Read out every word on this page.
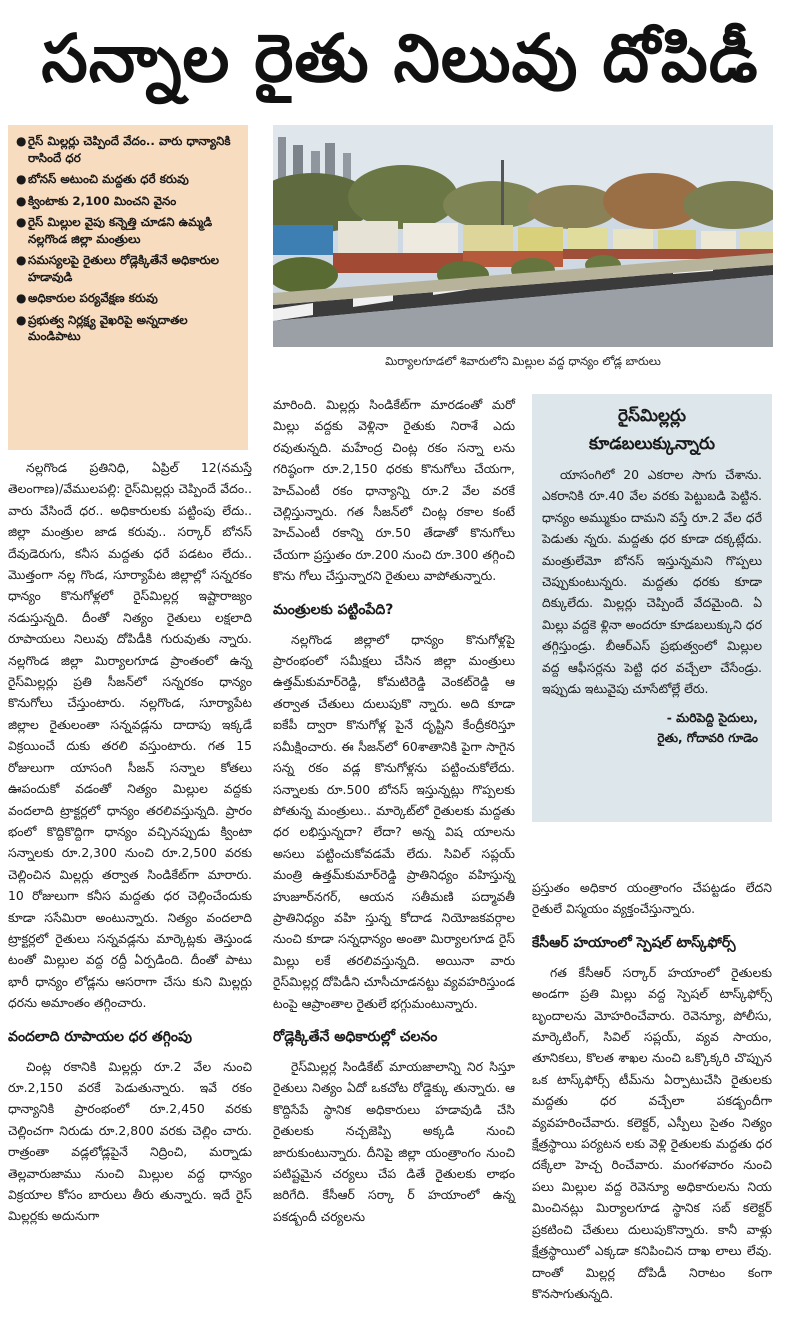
సన్నాల రైతు నిలువు దోపిడీ
● రైస్ మిల్లర్లు చెప్పిందే వేదం.. వారు ధాన్యానికి రాసిందే ధర
● బోనస్ అటుంచి మద్దతు ధరే కరువు
● క్వింటాకు 2,100 మించని వైనం
● రైస్ మిల్లుల వైపు కన్నెత్తి చూడని ఉమ్మడి నల్లగొండ జిల్లా మంత్రులు
● సమస్యలపై రైతులు రోడ్లెక్కితేనే అధికారుల హడావుడి
● అధికారుల పర్యవేక్షణ కరువు
● ప్రభుత్వ నిర్లక్ష్య వైఖరిపై అన్నదాతల మండిపాటు
మిర్యాలగూడలో శివారులోని మిల్లుల వద్ద ధాన్యం లోడ్ల బారులు

నల్లగొండ ప్రతినిధి, ఏప్రిల్ 12(నమస్తే తెలంగాణ)/వేములపల్లి: రైస్‌మిల్లర్లు చెప్పిందే వేదం.. వారు వేసిందే ధర.. అధికారులకు పట్టింపు లేదు.. జిల్లా మంత్రుల జాడ కరువు.. సర్కార్ బోనస్ దేవుడెరుగు, కనీస మద్దతు ధరే పడటం లేదు.. మొత్తంగా నల్ల గొండ, సూర్యాపేట జిల్లాల్లో సన్నరకం ధాన్యం కొనుగోళ్లలో రైస్‌మిల్లర్ల ఇష్టారాజ్యం నడుస్తున్నది. దీంతో నిత్యం రైతులు లక్షలాది రూపాయలు నిలువు దోపిడీకి గురువుతు న్నారు. నల్లగొండ జిల్లా మిర్యాలగూడ ప్రాంతంలో ఉన్న రైస్‌మిల్లర్లు ప్రతి సీజన్‌లో సన్నరకం ధాన్యం కొనుగోలు చేస్తుంటారు. నల్లగొండ, సూర్యాపేట జిల్లాల రైతులంతా సన్నవడ్లను దాదాపు ఇక్కడే విక్రయించే దుకు తరలి వస్తుంటారు. గత 15 రోజులుగా యాసంగి సీజన్ సన్నాల కోతలు ఊపందుకో వడంతో నిత్యం మిల్లుల వద్దకు వందలాది ట్రాక్టర్లలో ధాన్యం తరలివస్తున్నది. ప్రారం భంలో కొద్దికొద్దిగా ధాన్యం వచ్చినప్పుడు క్వింటా సన్నాలకు రూ.2,300 నుంచి రూ.2,500 వరకు చెల్లించిన మిల్లర్లు తర్వాత సిండికేట్‌గా మారారు. 10 రోజులుగా కనీస మద్దతు ధర చెల్లించేందుకు కూడా ససేమిరా అంటున్నారు. నిత్యం వందలాది ట్రాక్టర్లలో రైతులు సన్నవడ్లను మార్కెట్లకు తెస్తుండ టంతో మిల్లుల వద్ద రద్దీ ఏర్పడింది. దీంతో పాటు భారీ ధాన్యం లోడ్లను ఆసరాగా చేసు కుని మిల్లర్లు ధరను అమాంతం తగ్గించారు.

వందలాది రూపాయల ధర తగ్గింపు

చింట్ల రకానికి మిల్లర్లు రూ.2 వేల నుంచి రూ.2,150 వరకే పెడుతున్నారు. ఇవే రకం ధాన్యానికి ప్రారంభంలో రూ.2,450 వరకు చెల్లించగా నిరుడు రూ.2,800 వరకు చెల్లిం చారు. రాత్రంతా వడ్లలోడ్లపైనే నిద్రించి, మర్నాడు తెల్లవారుజాము నుంచి మిల్లుల వద్ద ధాన్యం విక్రయాల కోసం బారులు తీరు తున్నారు. ఇదే రైస్ మిల్లర్లకు అదునుగా

మారింది. మిల్లర్లు సిండికేట్‌గా మారడంతో మరో మిల్లు వద్దకు వెళ్లినా రైతుకు నిరాశే ఎదు రవుతున్నది. మహేంద్ర చింట్ల రకం సన్నా లను గరిష్ఠంగా రూ.2,150 ధరకు కొనుగోలు చేయగా, హెచ్‌ఎంటీ రకం ధాన్యాన్ని రూ.2 వేల వరకే చెల్లిస్తున్నారు. గత సీజన్‌లో చింట్ల రకాల కంటే హెచ్‌ఎంటీ రకాన్ని రూ.50 తేడాతో కొనుగోలు చేయగా ప్రస్తుతం రూ.200 నుంచి రూ.300 తగ్గించి కొను గోలు చేస్తున్నారని రైతులు వాపోతున్నారు.

మంత్రులకు పట్టింపేది?

నల్లగొండ జిల్లాలో ధాన్యం కొనుగోళ్లపై ప్రారంభంలో సమీక్షలు చేసిన జిల్లా మంత్రులు ఉత్తమ్‌కుమార్‌రెడ్డి, కోమటిరెడ్డి వెంకట్‌రెడ్డి ఆ తర్వాత చేతులు దులుపుకొ న్నారు. అది కూడా ఐకేపీ ద్వారా కొనుగోళ్ల పైనే దృష్టిని కేంద్రీకరిస్తూ సమీక్షించారు. ఈ సీజన్‌లో 60శాతానికి పైగా సాగైన సన్న రకం వడ్ల కొనుగోళ్లను పట్టించుకోలేదు. సన్నాలకు రూ.500 బోనస్ ఇస్తున్నట్లు గొప్పలకు పోతున్న మంత్రులు.. మార్కెట్‌లో రైతులకు మద్దతు ధర లభిస్తున్నదా? లేదా? అన్న విష యాలను అసలు పట్టించుకోవడమే లేదు. సివిల్ సప్లయ్ మంత్రి ఉత్తమ్‌కుమార్‌రెడ్డి ప్రాతినిధ్యం వహిస్తున్న హుజూర్‌నగర్, ఆయన సతీమణి పద్మావతీ ప్రాతినిధ్యం వహి స్తున్న కోదాడ నియోజకవర్గాల నుంచి కూడా సన్నధాన్యం అంతా మిర్యాలగూడ రైస్ మిల్లు లకే తరలివస్తున్నది. అయినా వారు రైస్‌మిల్లర్ల దోపిడీని చూసీచూడనట్టు వ్యవహరిస్తుండ టంపై ఆప్రాంతాల రైతులే భగ్గుమంటున్నారు.

రోడ్లెక్కితేనే అధికారుల్లో చలనం

రైస్‌మిల్లర్ల సిండికేట్ మాయజాలాన్ని నిర సిస్తూ రైతులు నిత్యం ఏదో ఒకచోట రోడ్డెక్కు తున్నారు. ఆ కొద్దిసేపే స్థానిక అధికారులు హడావుడి చేసి రైతులకు నచ్చజెప్పి అక్కడి నుంచి జారుకుంటున్నారు. దీనిపై జిల్లా యంత్రాంగం నుంచి పటిష్టమైన చర్యలు చేప డితే రైతులకు లాభం జరిగేది. కేసీఆర్ సర్కా ర్ హయాంలో ఉన్న పకడ్బందీ చర్యలను

రైస్‌మిల్లర్లు
కూడబలుక్కున్నారు

యాసంగిలో 20 ఎకరాల సాగు చేశాను. ఎకరానికి రూ.40 వేల వరకు పెట్టుబడి పెట్టిన. ధాన్యం అమ్ముకుం దామని వస్తే రూ.2 వేల ధరే పెడుతు న్నరు. మద్దతు ధర కూడా దక్కట్లేదు. మంత్రులేమో బోనస్ ఇస్తున్నమని గొప్పలు చెప్పుకుంటున్నరు. మద్దతు ధరకు కూడా దిక్కులేదు. మిల్లర్లు చెప్పిందే వేదమైంది. ఏ మిల్లు వద్దకె ళ్లినా అందరూ కూడబలుక్కుని ధర తగ్గిస్తుండ్రు. బీఆర్ఎస్ ప్రభుత్వంలో మిల్లుల వద్ద ఆఫీసర్లను పెట్టి ధర వచ్చేలా చేసేండ్రు. ఇప్పుడు ఇటువైపు చూసేటోల్లే లేరు.

- మరిపెద్ది సైదులు,
రైతు, గోదావరి గూడెం

ప్రస్తుతం అధికార యంత్రాంగం చేపట్టడం లేదని రైతులే విస్మయం వ్యక్తంచేస్తున్నారు.

కేసీఆర్ హయాంలో స్పెషల్ టాస్క్‌ఫోర్స్

గత కేసీఆర్ సర్కార్ హయాంలో రైతులకు అండగా ప్రతి మిల్లు వద్ద స్పెషల్ టాస్క్‌ఫోర్స్ బృందాలను మోహరించేవారు. రెవెన్యూ, పోలీసు, మార్కెటింగ్, సివిల్ సప్లయ్, వ్యవ సాయం, తూనికలు, కొలత శాఖల నుంచి ఒక్కొక్కరి చొప్పున ఒక టాస్క్‌ఫోర్స్ టీమ్‌ను ఏర్పాటుచేసి రైతులకు మద్దతు ధర వచ్చేలా పకడ్బందీగా వ్యవహరించేవారు. కలెక్టర్, ఎస్పీలు సైతం నిత్యం క్షేత్రస్థాయి పర్యటన లకు వెళ్లి రైతులకు మద్దతు ధర దక్కేలా హెచ్చ రించేవారు. మంగళవారం నుంచి పలు మిల్లుల వద్ద రెవెన్యూ అధికారులను నియ మించినట్లు మిర్యాలగూడ స్థానిక సబ్ కలెక్టర్ ప్రకటించి చేతులు దులుపుకొన్నారు. కానీ వాళ్లు క్షేత్రస్థాయిలో ఎక్కడా కనిపించిన దాఖ లాలు లేవు. దాంతో మిల్లర్ల దోపిడీ నిరాటం కంగా కొనసాగుతున్నది.
